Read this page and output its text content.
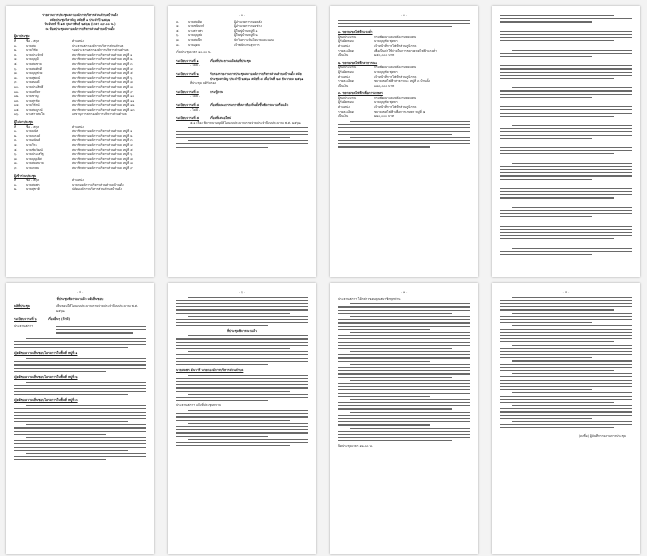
รายงานการประชุมสภาองค์การบริหารส่วนตำบลบ้านดั้ง
สมัยประชุมวิสามัญ สมัยที่ ๑ ประจำปี ๒๕๖๒
วันจันทร์ ที่ ๑๕ กุมภาพันธ์ ๒๕๖๒ (เวลา ๐๙.๐๐ น.)
ณ ห้องประชุมสภาองค์การบริหารส่วนตำบลบ้านดั้ง
ผู้มาประชุม
ที่	ชื่อ - สกุล	ตำแหน่ง
๑.	นายสม	ประธานสภาองค์การบริหารส่วนตำบล
๒.	นายวิชัย	รองประธานสภาองค์การบริหารส่วนตำบล
๓.	นายประจักษ์	สมาชิกสภาองค์การบริหารส่วนตำบล หมู่ที่ ๑
๔.	นายบุญมี	สมาชิกสภาองค์การบริหารส่วนตำบล หมู่ที่ ๒
๕.	นายสมชาย	สมาชิกสภาองค์การบริหารส่วนตำบล หมู่ที่ ๓
๖.	นายสมศักดิ์	สมาชิกสภาองค์การบริหารส่วนตำบล หมู่ที่ ๔
๗.	นายบุญช่วย	สมาชิกสภาองค์การบริหารส่วนตำบล หมู่ที่ ๕
๘.	นายสุพจน์	สมาชิกสภาองค์การบริหารส่วนตำบล หมู่ที่ ๖
๙.	นายทองดี	สมาชิกสภาองค์การบริหารส่วนตำบล หมู่ที่ ๗
๑๐.	นายประสิทธิ์	สมาชิกสภาองค์การบริหารส่วนตำบล หมู่ที่ ๘
๑๑.	นายเสถียร	สมาชิกสภาองค์การบริหารส่วนตำบล หมู่ที่ ๙
๑๒.	นายชาญ	สมาชิกสภาองค์การบริหารส่วนตำบล หมู่ที่ ๑๐
๑๓.	นายสุรชัย	สมาชิกสภาองค์การบริหารส่วนตำบล หมู่ที่ ๑๑
๑๔.	นายวิรัตน์	สมาชิกสภาองค์การบริหารส่วนตำบล หมู่ที่ ๑๒
๑๕.	นายสมบูรณ์	สมาชิกสภาองค์การบริหารส่วนตำบล หมู่ที่ ๑๓
๑๖.	นางสาวสมใจ	เลขานุการสภาองค์การบริหารส่วนตำบล
ผู้ไม่มาประชุม
ที่	ชื่อ - สกุล	ตำแหน่ง
๑.	นายมนัส	สมาชิกสภาองค์การบริหารส่วนตำบล หมู่ที่ ๑
๒.	นายณรงค์	สมาชิกสภาองค์การบริหารส่วนตำบล หมู่ที่ ๒
๓.	นายอนันต์	สมาชิกสภาองค์การบริหารส่วนตำบล หมู่ที่ ๓
๔.	นายวีระ	สมาชิกสภาองค์การบริหารส่วนตำบล หมู่ที่ ๔
๕.	นายชัยวัฒน์	สมาชิกสภาองค์การบริหารส่วนตำบล หมู่ที่ ๕
๖.	นายประเสริฐ	สมาชิกสภาองค์การบริหารส่วนตำบล หมู่ที่ ๖
๗.	นายบุญเลิศ	สมาชิกสภาองค์การบริหารส่วนตำบล หมู่ที่ ๗
๘.	นายสมหมาย	สมาชิกสภาองค์การบริหารส่วนตำบล หมู่ที่ ๘
๙.	นายเกษม	สมาชิกสภาองค์การบริหารส่วนตำบล หมู่ที่ ๙
ผู้เข้าร่วมประชุม
ที่	ชื่อ - สกุล	ตำแหน่ง
๑.	นายสมพร	นายกองค์การบริหารส่วนตำบลบ้านดั้ง
๒.	นายสุชาติ	ปลัดองค์การบริหารส่วนตำบลบ้านดั้ง
- ๒ -
๓.	นายสมคิด	ผู้อำนวยการกองคลัง
๔.	นายชนินทร์	ผู้อำนวยการกองช่าง
๕.	นางสาวพร	ผู้ใหญ่บ้านหมู่ที่ ๑
๖.	นายบุญส่ง	ผู้ใหญ่บ้านหมู่ที่ ๒
๗.	นายสมนึก	นักวิเคราะห์นโยบายและแผน
๘.	นายอุดม	เจ้าพนักงานธุรการ
เริ่มประชุมเวลา ๑๐.๐๐ น.
ระเบียบวาระที่ ๑	เรื่องที่ประธานแจ้งต่อที่ประชุม
- ไม่มี -
ระเบียบวาระที่ ๒	รับรองรายงานการประชุมสภาองค์การบริหารส่วนตำบลบ้านดั้ง สมัยประชุมสามัญ ประจำปี ๒๕๖๑ สมัยที่ ๔ เมื่อวันที่ ๒๔ ธันวาคม ๒๕๖๑
ที่ประชุม มติรับรอง
ระเบียบวาระที่ ๓	กระทู้ถาม
- ไม่มี -
ระเบียบวาระที่ ๔	เรื่องที่คณะกรรมการที่สภาท้องถิ่นตั้งขึ้นพิจารณาเสร็จแล้ว
- ไม่มี -
ระเบียบวาระที่ ๕	เรื่องที่เสนอใหม่
๕.๑ เรื่อง พิจารณาอนุมัติโอนงบประมาณรายจ่ายประจำปีงบประมาณ พ.ศ. ๒๕๖๒
- ๓ -
๑. ขยายเขตไฟฟ้าแรงต่ำ
ผู้ขอประมาณ	กรมพัฒนาและพลังงานทดแทน
ผู้รับผิดชอบ	นายบุญชัย พุทธา
ตำแหน่ง	เจ้าหน้าที่การไฟฟ้าส่วนภูมิภาค
รายละเอียด	เพื่อเป็นค่าใช้จ่ายในการขยายเขตไฟฟ้าแรงต่ำ
เป็นเงิน	๒๕๐,๐๐๐ บาท
๒. ขยายเขตไฟฟ้าสาธารณะ
ผู้ขอประมาณ	กรมพัฒนาและพลังงานทดแทน
ผู้รับผิดชอบ	นายบุญชัย พุทธา
ตำแหน่ง	เจ้าหน้าที่การไฟฟ้าส่วนภูมิภาค
รายละเอียด	ขยายเขตไฟฟ้าสาธารณะ หมู่ที่ ๓ บ้านดั้ง
เป็นเงิน	๑๘๐,๐๐๐ บาท
๓. ขยายเขตไฟฟ้าเพื่อการเกษตร
ผู้ขอประมาณ	กรมพัฒนาและพลังงานทดแทน
ผู้รับผิดชอบ	นายบุญชัย พุทธา
ตำแหน่ง	เจ้าหน้าที่การไฟฟ้าส่วนภูมิภาค
รายละเอียด	ขยายเขตไฟฟ้าเพื่อการเกษตร หมู่ที่ ๗
เป็นเงิน	๒๒๐,๐๐๐ บาท
- ๕ -
ที่ประชุมพิจารณาแล้ว มติเห็นชอบ
มติที่ประชุม	เห็นชอบให้โอนงบประมาณรายจ่ายประจำปีงบประมาณ พ.ศ. ๒๕๖๒
ระเบียบวาระที่ ๖	เรื่องอื่นๆ (ถ้ามี)
ประธานสภาฯ
ญัตติขอความเห็นชอบโครงการในพื้นที่ หมู่ที่ ๑
ญัตติขอความเห็นชอบโครงการในพื้นที่ หมู่ที่ ๒
ญัตติขอความเห็นชอบโครงการในพื้นที่ หมู่ที่ ๓
- ๖ -
ที่ประชุมพิจารณาแล้ว
นายสมพร ตันวารี นายกองค์การบริหารส่วนตำบล
ประธานสภาฯ แจ้งที่ประชุมทราบ
- ๗ -
ประธานสภาฯ ได้กล่าวขอบคุณสมาชิกทุกท่าน
ปิดประชุมเวลา ๑๒.๐๐ น.
- ๘ -
(ลงชื่อ) ผู้บันทึกรายงานการประชุม
